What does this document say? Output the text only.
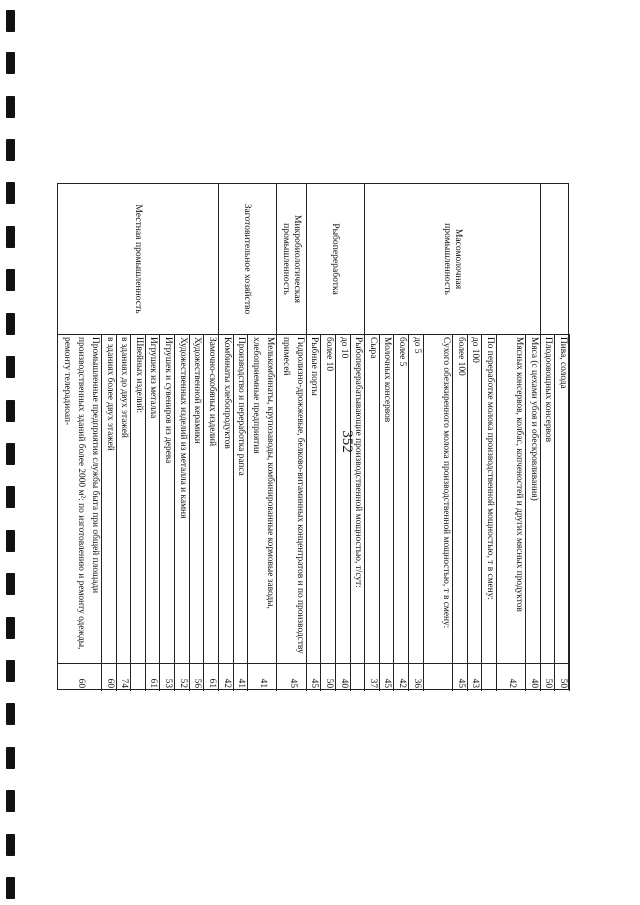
352
Пива, солода
50
Плодоовощных консервов
50
Мяса (с цехами убоя и обескровливания)
40
Мясных консервов, колбас, копченостей и других мясных продуктов
42
По переработке молока производственной мощностью, т в смену:
до 100
43
более 100
45
Сухого обезжиренного молока производственной мощностью, т в смену:
до 5
36
более 5
42
Молочных консервов
45
Сыра
37
Рыбоперерабатывающие производственной мощностью, т/сут:
до 10
40
более 10
50
Рыбные порты
45
Гидролизно-дрожжевые, белково-витаминных концентратов и по производству примесей
45
Мелькомбинаты, крупозаводы, комбинированные кормовые заводы, хлебоприемные предприятия
41
Производство и переработка рапса
41
Комбинаты хлебопродуктов
42
Замочно-скобяных изделий
61
Художественной керамики
56
Художественных изделий из металла и камня
52
Игрушек и сувениров из дерева
53
Игрушек из металла
61
Швейных изделий:
в зданиях до двух этажей
74
в зданиях более двух этажей
60
Промышленные предприятия службы быта при общей площади производственных зданий более 2000 м²: по изготовлению и ремонту одежды, ремонту телерадиоап-
60
Масомолочная промышленность
Рыбопереработка
Микробиологическая промышленность
Заготовительное хозяйство
Местная промышленность
